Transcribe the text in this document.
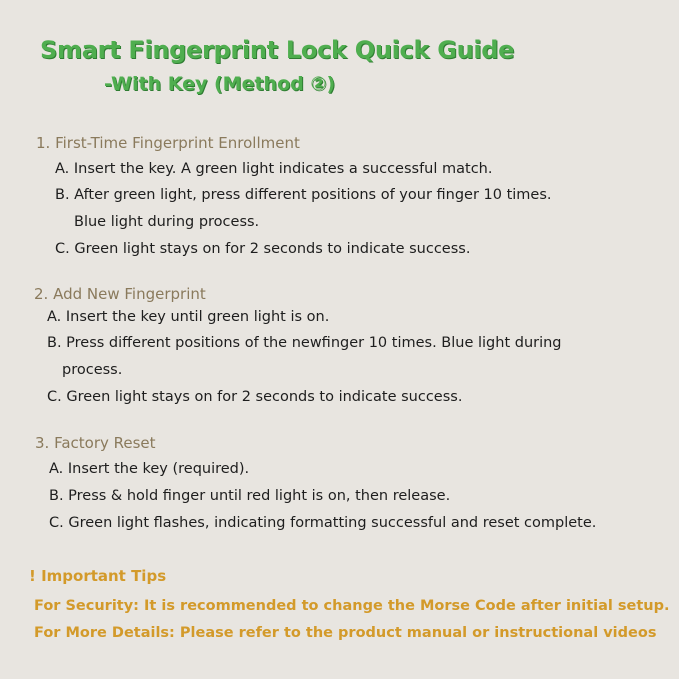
Smart Fingerprint Lock Quick Guide
-With Key (Method ②)
1. First-Time Fingerprint Enrollment
A. Insert the key. A green light indicates a successful match.
B. After green light, press different positions of your finger 10 times.
Blue light during process.
C. Green light stays on for 2 seconds to indicate success.
2. Add New Fingerprint
A. Insert the key until green light is on.
B. Press different positions of the newfinger 10 times. Blue light during
process.
C. Green light stays on for 2 seconds to indicate success.
3. Factory Reset
A. Insert the key (required).
B. Press & hold finger until red light is on, then release.
C. Green light flashes, indicating formatting successful and reset complete.
! Important Tips
For Security: It is recommended to change the Morse Code after initial setup.
For More Details: Please refer to the product manual or instructional videos
